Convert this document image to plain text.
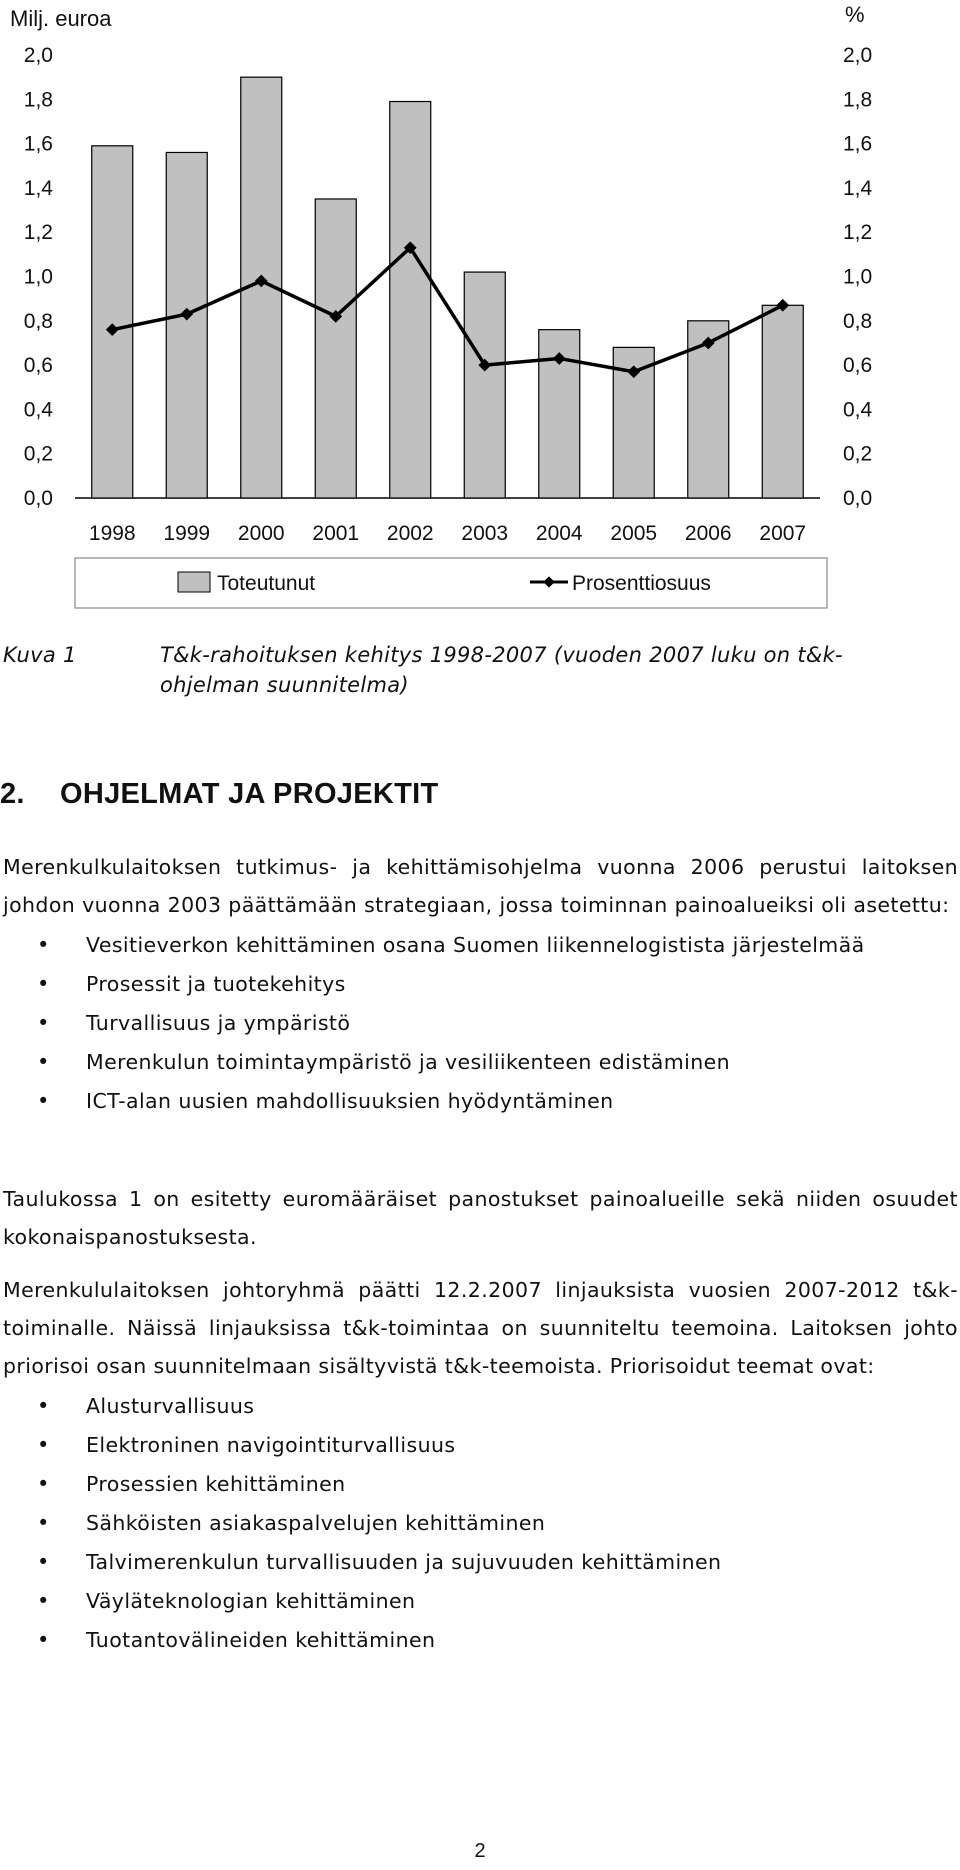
Milj. euroa	%
2,0
1,8
1,6
1,4
1,2
1,0
0,8
0,6
0,4
0,2
0,0
2,0
1,8
1,6
1,4
1,2
1,0
0,8
0,6
0,4
0,2
0,0
1998 1999 2000 2001 2002 2003 2004 2005 2006 2007
Toteutunut	Prosenttiosuus
Kuva 1	T&k-rahoituksen kehitys 1998-2007 (vuoden 2007 luku on t&k-ohjelman suunnitelma)
2. OHJELMAT JA PROJEKTIT

Merenkulkulaitoksen tutkimus- ja kehittämisohjelma vuonna 2006 perustui laitoksen johdon vuonna 2003 päättämään strategiaan, jossa toiminnan painoalueiksi oli asetettu:

• Vesitieverkon kehittäminen osana Suomen liikennelogistista järjestelmää
• Prosessit ja tuotekehitys
• Turvallisuus ja ympäristö
• Merenkulun toimintaympäristö ja vesiliikenteen edistäminen
• ICT-alan uusien mahdollisuuksien hyödyntäminen

Taulukossa 1 on esitetty euromääräiset panostukset painoalueille sekä niiden osuudet kokonaispanostuksesta.

Merenkululaitoksen johtoryhmä päätti 12.2.2007 linjauksista vuosien 2007-2012 t&k-toiminalle. Näissä linjauksissa t&k-toimintaa on suunniteltu teemoina. Laitoksen johto priorisoi osan suunnitelmaan sisältyvistä t&k-teemoista. Priorisoidut teemat ovat:

• Alusturvallisuus
• Elektroninen navigointiturvallisuus
• Prosessien kehittäminen
• Sähköisten asiakaspalvelujen kehittäminen
• Talvimerenkulun turvallisuuden ja sujuvuuden kehittäminen
• Väyläteknologian kehittäminen
• Tuotantovälineiden kehittäminen
2
